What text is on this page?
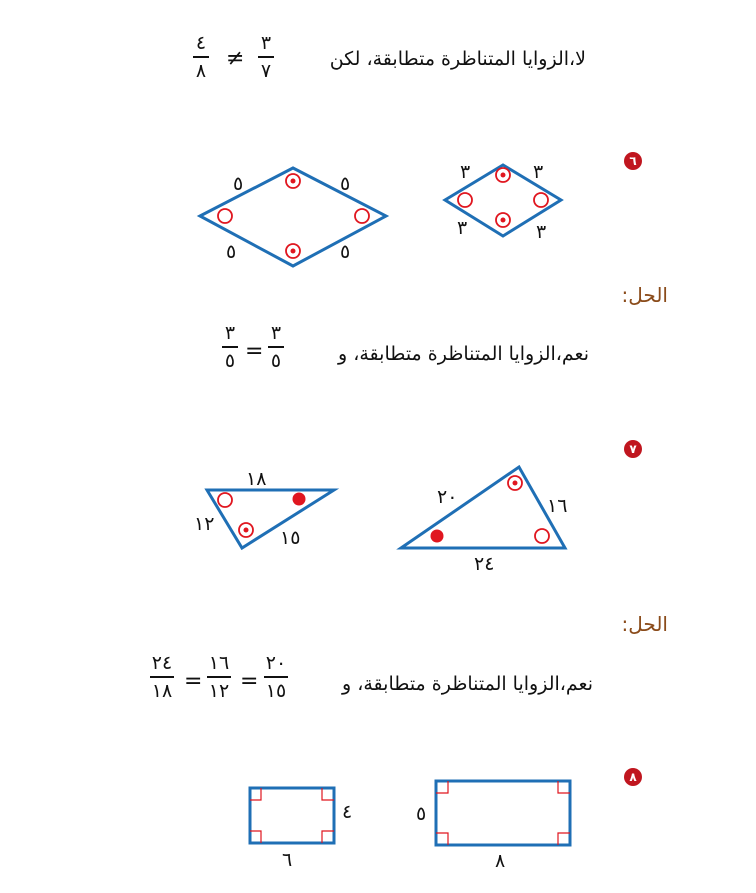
لا،الزوايا المتناظرة متطابقة، لكن
٣
٧
≠
٤
٨
٦
٥	٥
٥	٥
٣	٣
٣	٣
٢٠	١٦
٢٤
١٨
١٢
١٥
٤
٦
٥
٨
الحل:
نعم،الزوايا المتناظرة متطابقة، و
٣
٥
=
٣
٥
٧
الحل:
نعم،الزوايا المتناظرة متطابقة، و
٢٠
١٥
=
١٦
١٢
=
٢٤
١٨
٨
